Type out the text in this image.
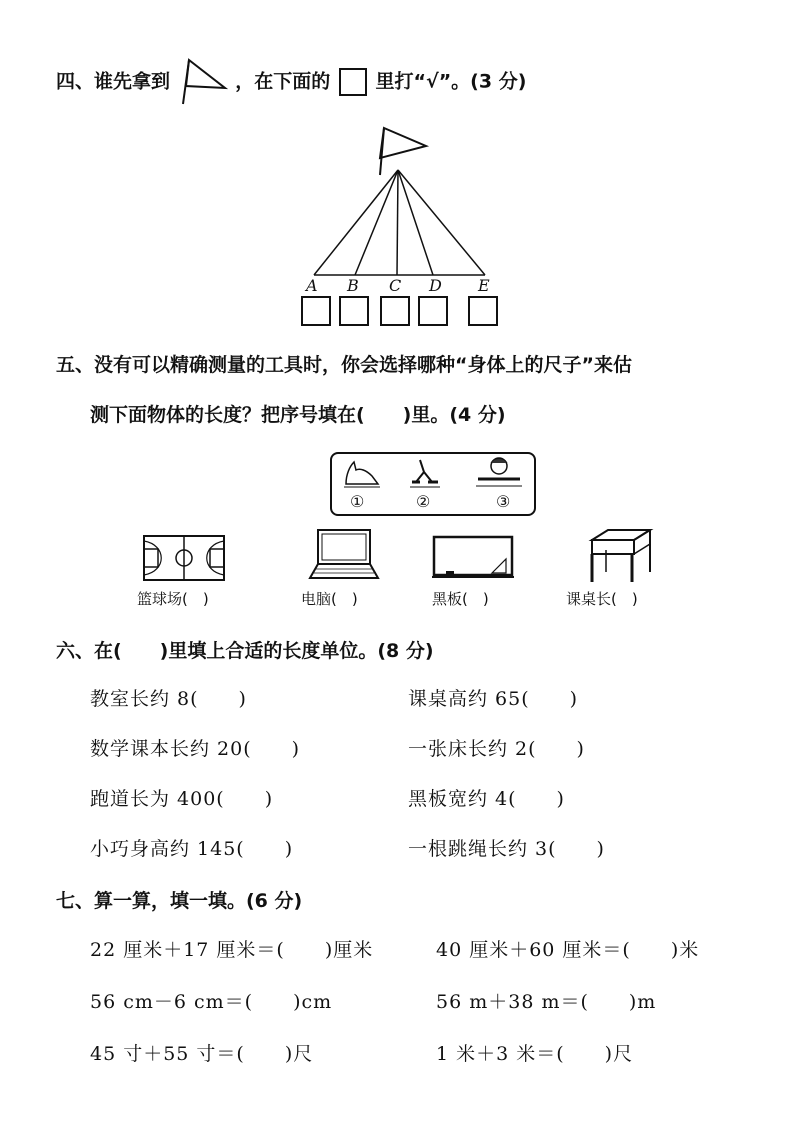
四、谁先拿到	，在下面的 里打“√”。(3 分)
A B C D E
五、没有可以精确测量的工具时，你会选择哪种“身体上的尺子”来估
测下面物体的长度？把序号填在(　　)里。(4 分)
①	②	③
篮球场(　)	电脑(　)	黑板(　)	课桌长(　)
六、在(　　)里填上合适的长度单位。(8 分)
教室长约 8(　　)	课桌高约 65(　　)
数学课本长约 20(　　)	一张床长约 2(　　)
跑道长为 400(　　)	黑板宽约 4(　　)
小巧身高约 145(　　)	一根跳绳长约 3(　　)
七、算一算，填一填。(6 分)
22 厘米＋17 厘米＝(　　)厘米	40 厘米＋60 厘米＝(　　)米
56 cm－6 cm＝(　　)cm	56 m＋38 m＝(　　)m
45 寸＋55 寸＝(　　)尺	1 米＋3 米＝(　　)尺
